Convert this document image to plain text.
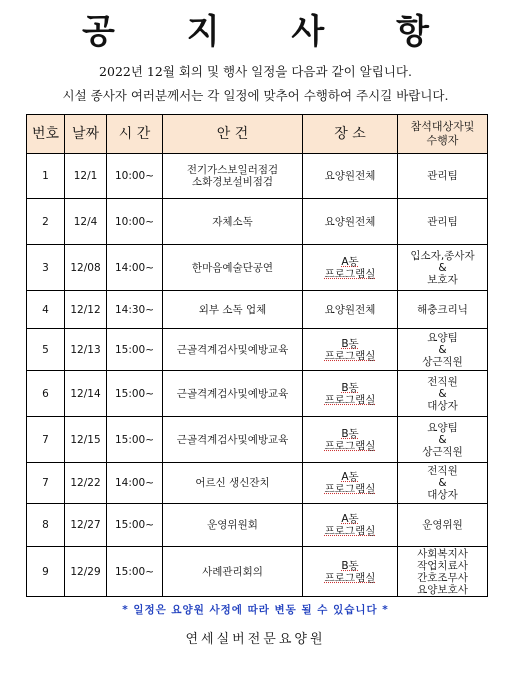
공 지 사 항
2022년 12월 회의 및 행사 일정을 다음과 같이 알립니다.
시설 종사자 여러분께서는 각 일정에 맞추어 수행하여 주시길 바랍니다.
번호	날짜	시 간	안 건	장 소	참석대상자및
수행자
1	12/1	10:00~	전기가스보일러점검
소화경보설비점검	요양원전체	관리팀
2	12/4	10:00~	자체소독	요양원전체	관리팀
3	12/08	14:00~	한마음예술단공연	A동
프로그램실	입소자,종사자
&
보호자
4	12/12	14:30~	외부 소독 업체	요양원전체	해충크리닉
5	12/13	15:00~	근골격계검사및예방교육	B동
프로그램실	요양팀
&
상근직원
6	12/14	15:00~	근골격계검사및예방교육	B동
프로그램실	전직원
&
대상자
7	12/15	15:00~	근골격계검사및예방교육	B동
프로그램실	요양팀
&
상근직원
7	12/22	14:00~	어르신 생신잔치	A동
프로그램실	전직원
&
대상자
8	12/27	15:00~	운영위원회	A동
프로그램실	운영위원
9	12/29	15:00~	사례관리회의	B동
프로그램실	사회복지사
작업치료사
간호조무사
요양보호사
* 일정은 요양원 사정에 따라 변동 될 수 있습니다 *
연세실버전문요양원
